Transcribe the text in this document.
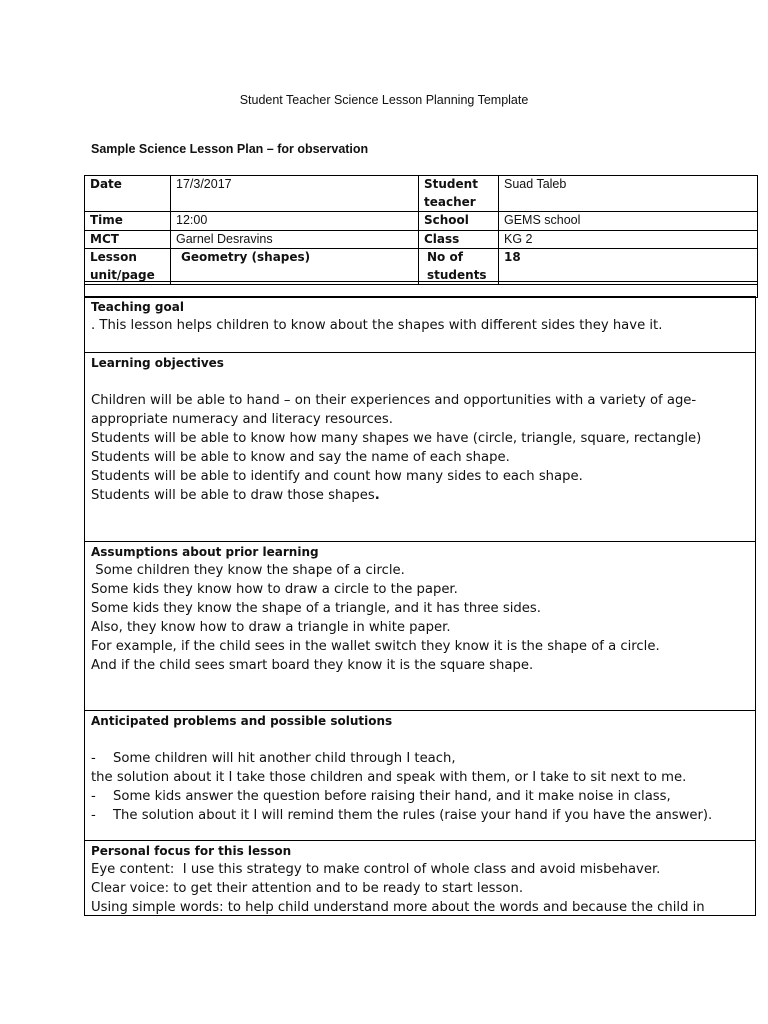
Student Teacher Science Lesson Planning Template
Sample Science Lesson Plan – for observation
Date	17/3/2017	Student teacher	Suad Taleb
Time	12:00	School	GEMS school
MCT	Garnel Desravins	Class	KG 2
Lesson unit/page	Geometry (shapes)	No of students	18
Teaching goal
. This lesson helps children to know about the shapes with different sides they have it.
Learning objectives
Children will be able to hand – on their experiences and opportunities with a variety of age-
appropriate numeracy and literacy resources.
Students will be able to know how many shapes we have (circle, triangle, square, rectangle)
Students will be able to know and say the name of each shape.
Students will be able to identify and count how many sides to each shape.
Students will be able to draw those shapes.
Assumptions about prior learning
Some children they know the shape of a circle.
Some kids they know how to draw a circle to the paper.
Some kids they know the shape of a triangle, and it has three sides.
Also, they know how to draw a triangle in white paper.
For example, if the child sees in the wallet switch they know it is the shape of a circle.
And if the child sees smart board they know it is the square shape.
Anticipated problems and possible solutions
- Some children will hit another child through I teach,
the solution about it I take those children and speak with them, or I take to sit next to me.
- Some kids answer the question before raising their hand, and it make noise in class,
- The solution about it I will remind them the rules (raise your hand if you have the answer).
Personal focus for this lesson
Eye content:  I use this strategy to make control of whole class and avoid misbehaver.
Clear voice: to get their attention and to be ready to start lesson.
Using simple words: to help child understand more about the words and because the child in
